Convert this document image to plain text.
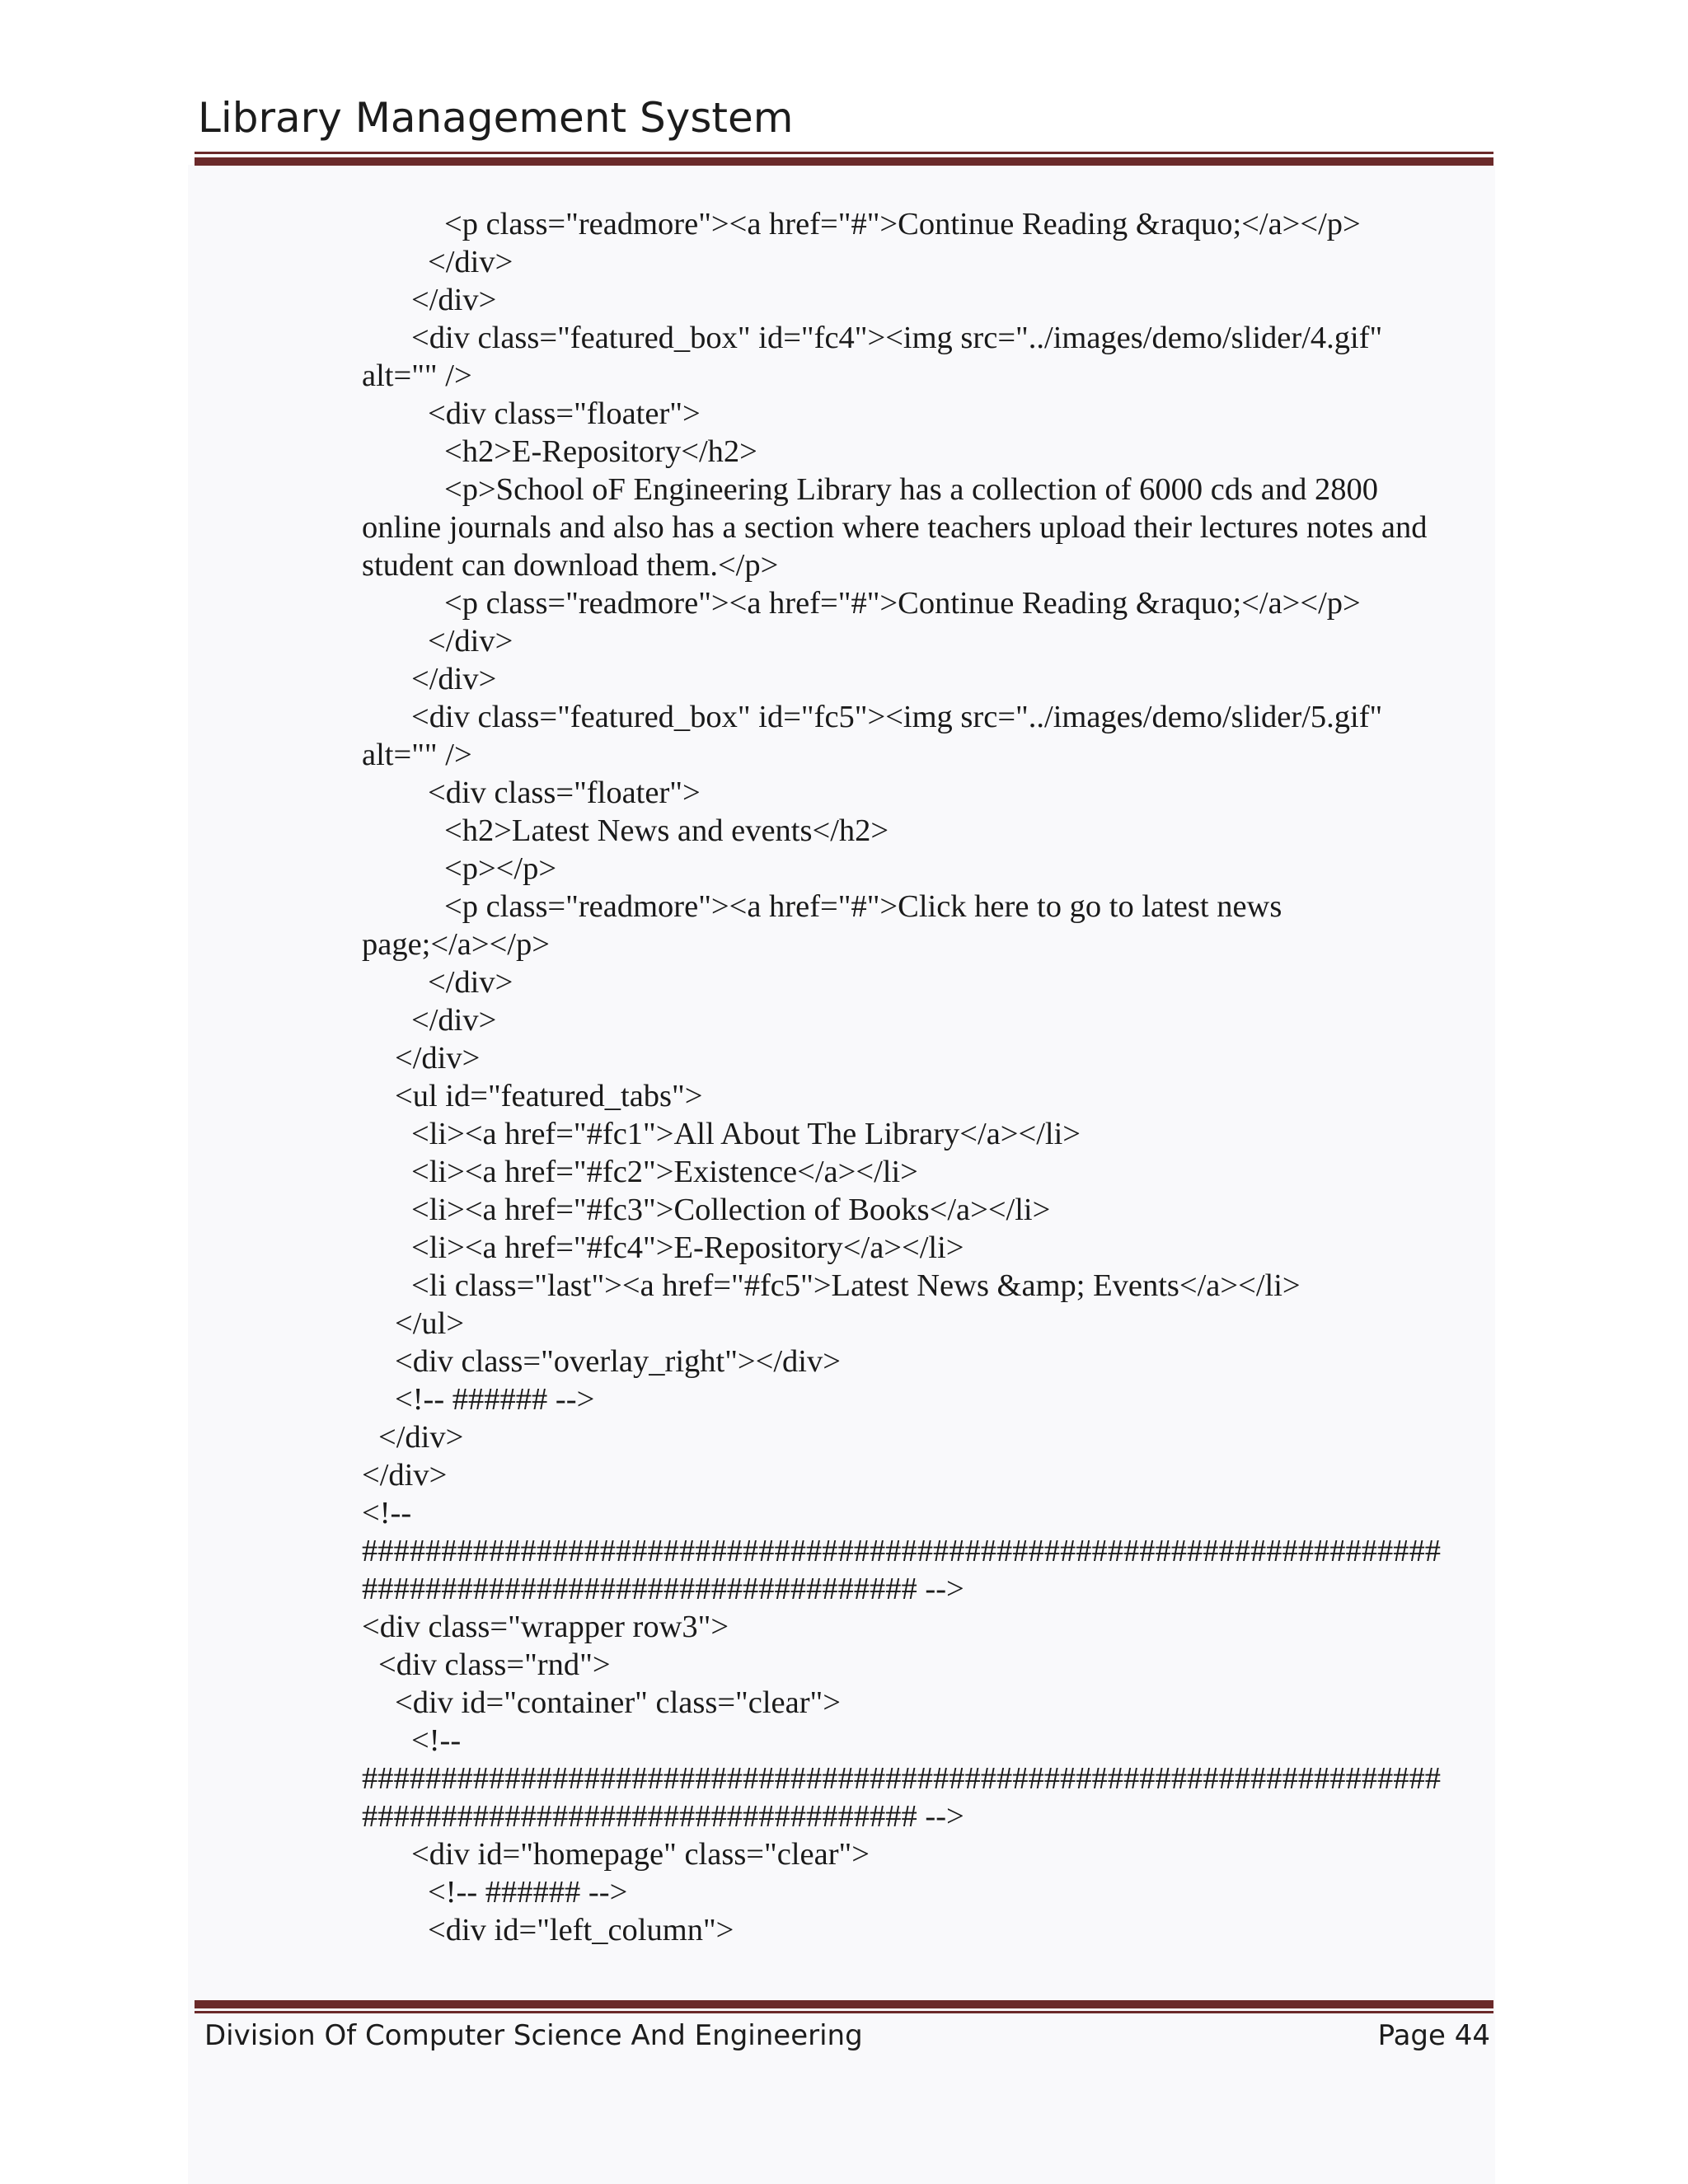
Library Management System
<p class="readmore"><a href="#">Continue Reading &raquo;</a></p>
</div>
</div>
<div class="featured_box" id="fc4"><img src="../images/demo/slider/4.gif"
alt="" />
<div class="floater">
<h2>E-Repository</h2>
<p>School oF Engineering Library has a collection of 6000 cds and 2800
online journals and also has a section where teachers upload their lectures notes and
student can download them.</p>
<p class="readmore"><a href="#">Continue Reading &raquo;</a></p>
</div>
</div>
<div class="featured_box" id="fc5"><img src="../images/demo/slider/5.gif"
alt="" />
<div class="floater">
<h2>Latest News and events</h2>
<p></p>
<p class="readmore"><a href="#">Click here to go to latest news
page;</a></p>
</div>
</div>
</div>
<ul id="featured_tabs">
<li><a href="#fc1">All About The Library</a></li>
<li><a href="#fc2">Existence</a></li>
<li><a href="#fc3">Collection of Books</a></li>
<li><a href="#fc4">E-Repository</a></li>
<li class="last"><a href="#fc5">Latest News &amp; Events</a></li>
</ul>
<div class="overlay_right"></div>
<!-- ###### -->
</div>
</div>
<!--
####################################################################
################################### -->
<div class="wrapper row3">
<div class="rnd">
<div id="container" class="clear">
<!--
####################################################################
################################### -->
<div id="homepage" class="clear">
<!-- ###### -->
<div id="left_column">
Division Of Computer Science And Engineering	Page 44
